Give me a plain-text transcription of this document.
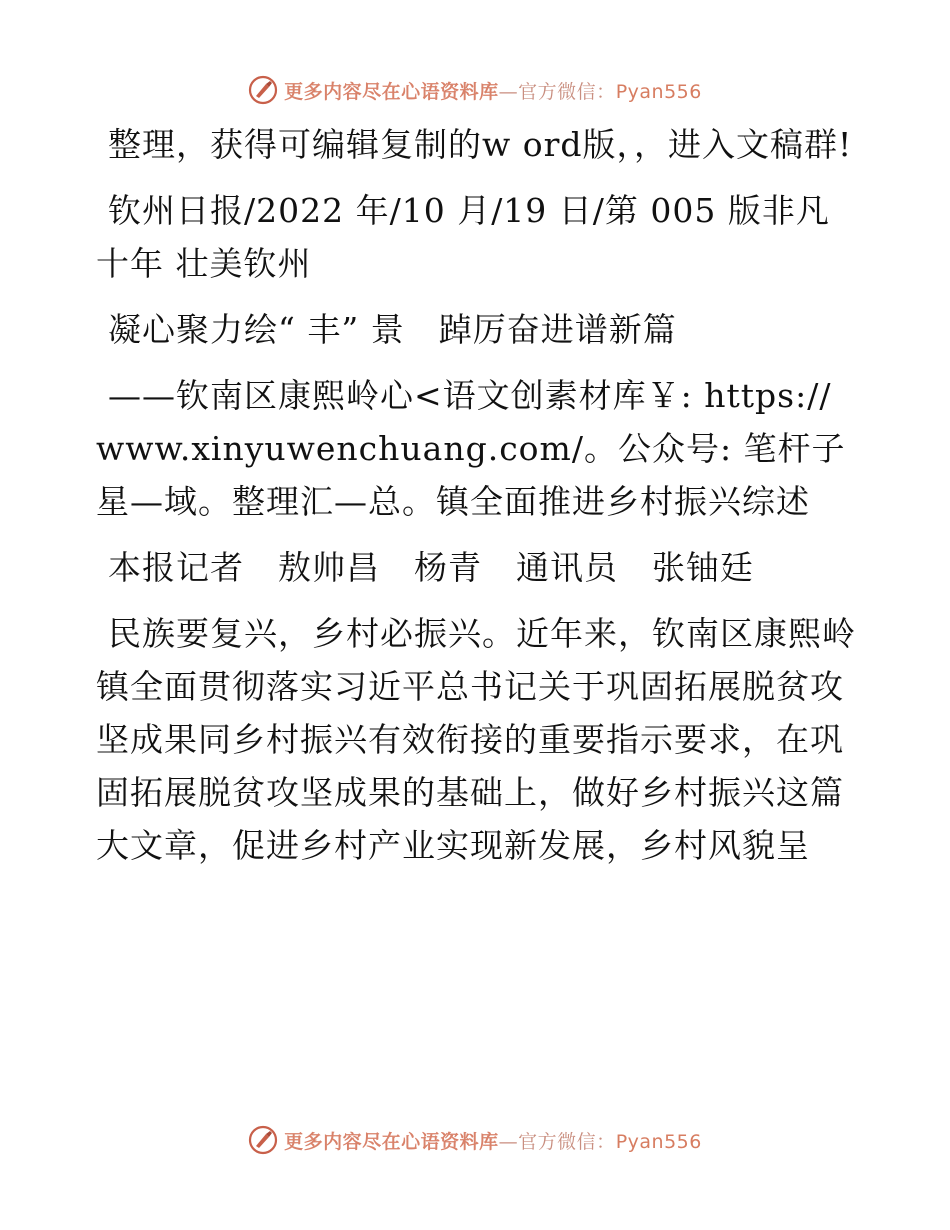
更多内容尽在心语资料库—官方微信：Pyan556

整理，获得可编辑复制的w ord版，，进入文稿群!

钦州日报/2022 年/10 月/19 日/第 005 版非凡十年 壮美钦州

凝心聚力绘“ 丰” 景　踔厉奋进谱新篇

——钦南区康熙岭心<语文创素材库￥: https://www.xinyuwenchuang.com/。公众号: 笔杆子星—域。整理汇—总。镇全面推进乡村振兴综述

本报记者　敖帅昌　杨青　通讯员　张铀廷

民族要复兴，乡村必振兴。近年来，钦南区康熙岭镇全面贯彻落实习近平总书记关于巩固拓展脱贫攻坚成果同乡村振兴有效衔接的重要指示要求，在巩固拓展脱贫攻坚成果的基础上，做好乡村振兴这篇大文章，促进乡村产业实现新发展，乡村风貌呈

更多内容尽在心语资料库—官方微信：Pyan556
